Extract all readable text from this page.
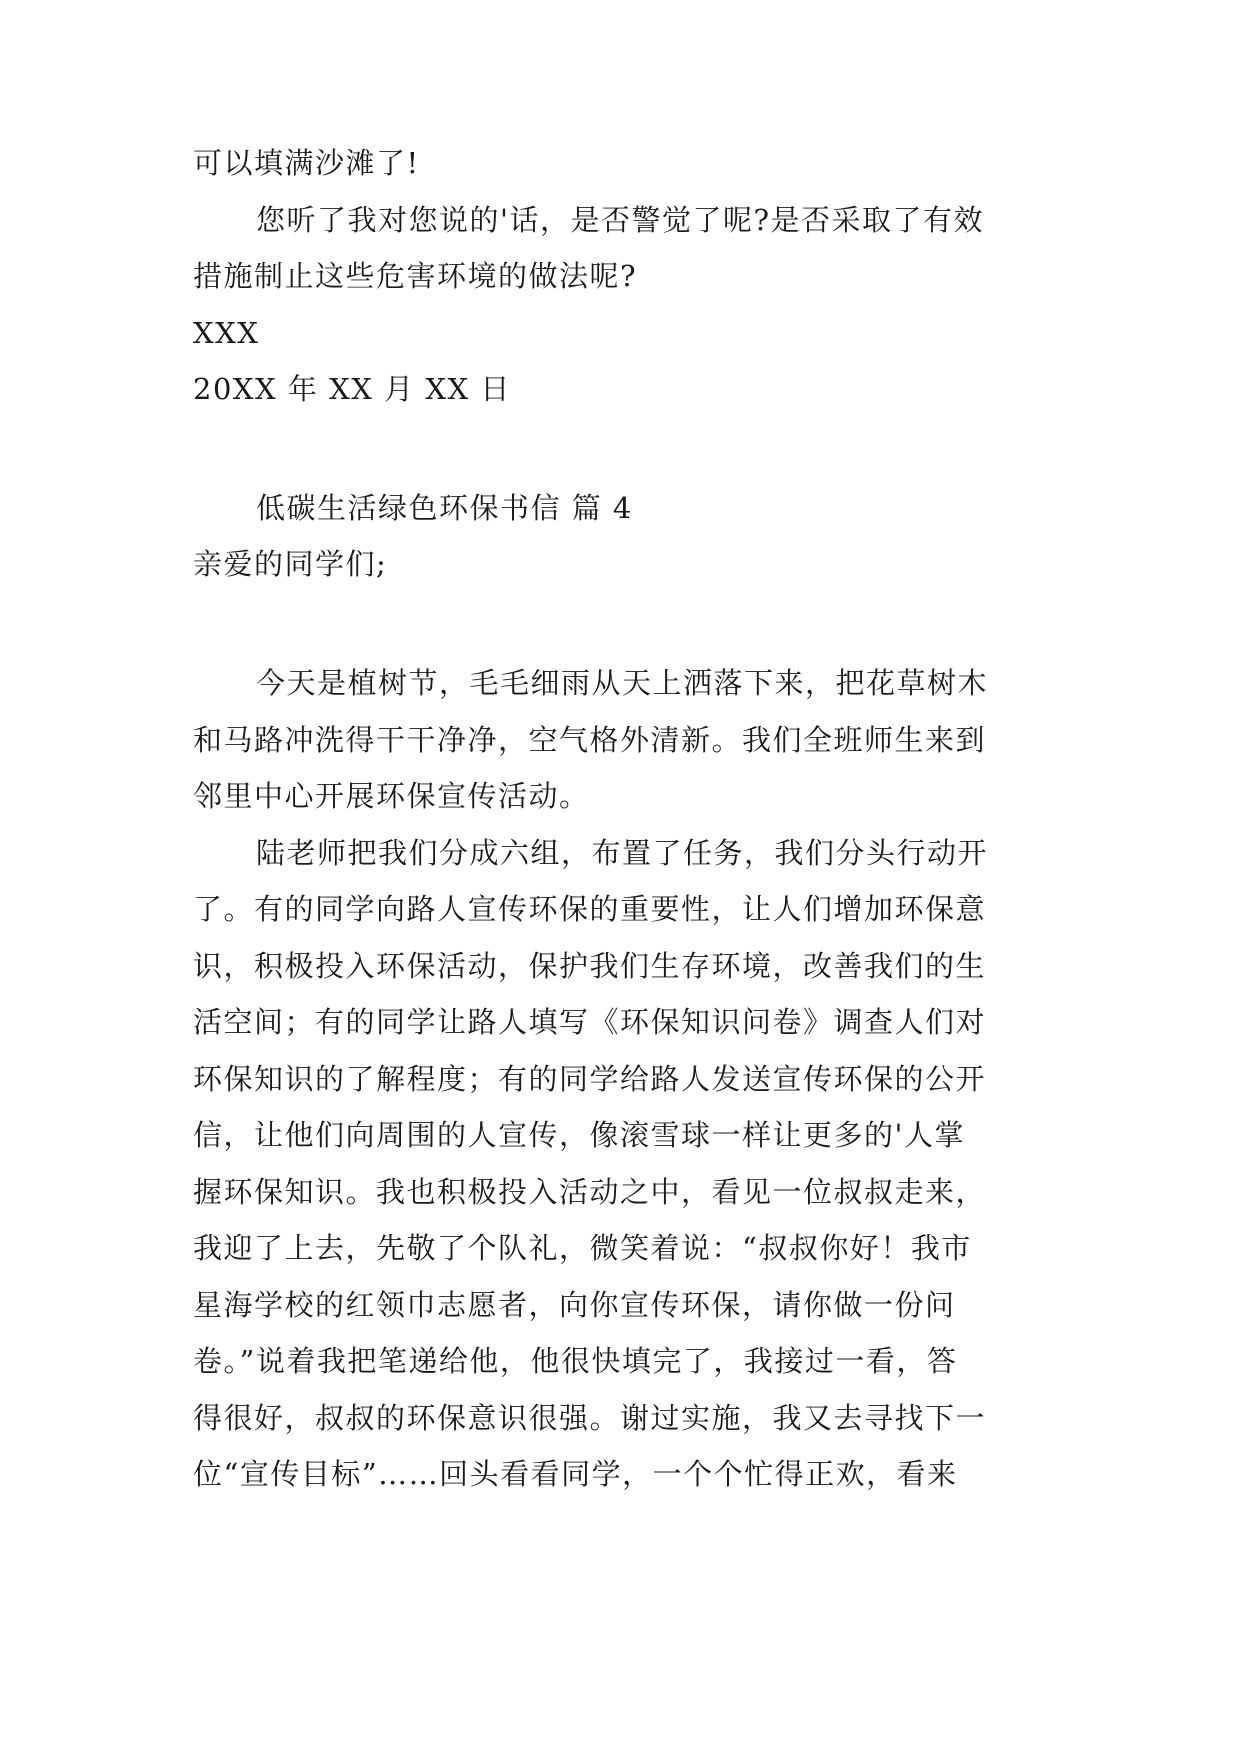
可以填满沙滩了!
您听了我对您说的'话，是否警觉了呢?是否采取了有效
措施制止这些危害环境的做法呢?
XXX
20XX 年 XX 月 XX 日
低碳生活绿色环保书信 篇 4
亲爱的同学们;
今天是植树节，毛毛细雨从天上洒落下来，把花草树木
和马路冲洗得干干净净，空气格外清新。我们全班师生来到
邻里中心开展环保宣传活动。
陆老师把我们分成六组，布置了任务，我们分头行动开
了。有的同学向路人宣传环保的重要性，让人们增加环保意
识，积极投入环保活动，保护我们生存环境，改善我们的生
活空间；有的同学让路人填写《环保知识问卷》调查人们对
环保知识的了解程度；有的同学给路人发送宣传环保的公开
信，让他们向周围的人宣传，像滚雪球一样让更多的'人掌
握环保知识。我也积极投入活动之中，看见一位叔叔走来，
我迎了上去，先敬了个队礼，微笑着说：“叔叔你好！我市
星海学校的红领巾志愿者，向你宣传环保，请你做一份问
卷。”说着我把笔递给他，他很快填完了，我接过一看，答
得很好，叔叔的环保意识很强。谢过实施，我又去寻找下一
位“宣传目标”……回头看看同学，一个个忙得正欢，看来
